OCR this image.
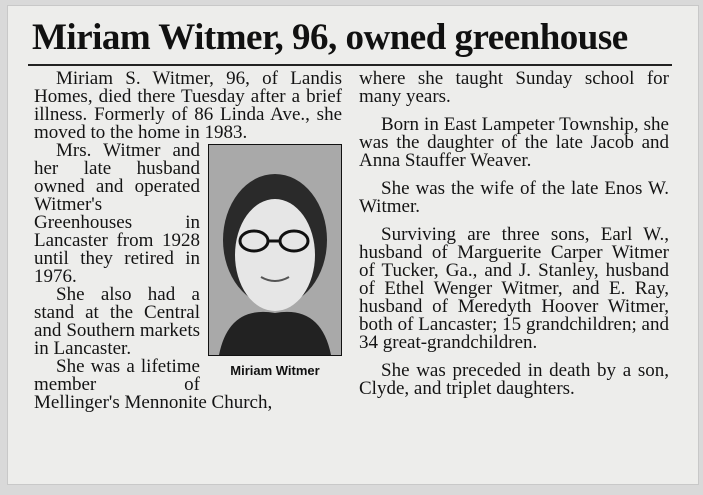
Miriam Witmer, 96, owned greenhouse

Miriam S. Witmer, 96, of Landis Homes, died there Tuesday after a brief illness. Formerly of 86 Linda Ave., she moved to the home in 1983.

Miriam Witmer

Mrs. Witmer and her late husband owned and operated Witmer's Greenhouses in Lancaster from 1928 until they retired in 1976.

She also had a stand at the Central and Southern markets in Lancaster.

She was a lifetime member of Mellinger's Mennonite Church,

where she taught Sunday school for many years.

Born in East Lampeter Township, she was the daughter of the late Jacob and Anna Stauffer Weaver.

She was the wife of the late Enos W. Witmer.

Surviving are three sons, Earl W., husband of Marguerite Carper Witmer of Tucker, Ga., and J. Stanley, husband of Ethel Wenger Witmer, and E. Ray, husband of Meredyth Hoover Witmer, both of Lancaster; 15 grandchildren; and 34 great-grandchildren.

She was preceded in death by a son, Clyde, and triplet daughters.
